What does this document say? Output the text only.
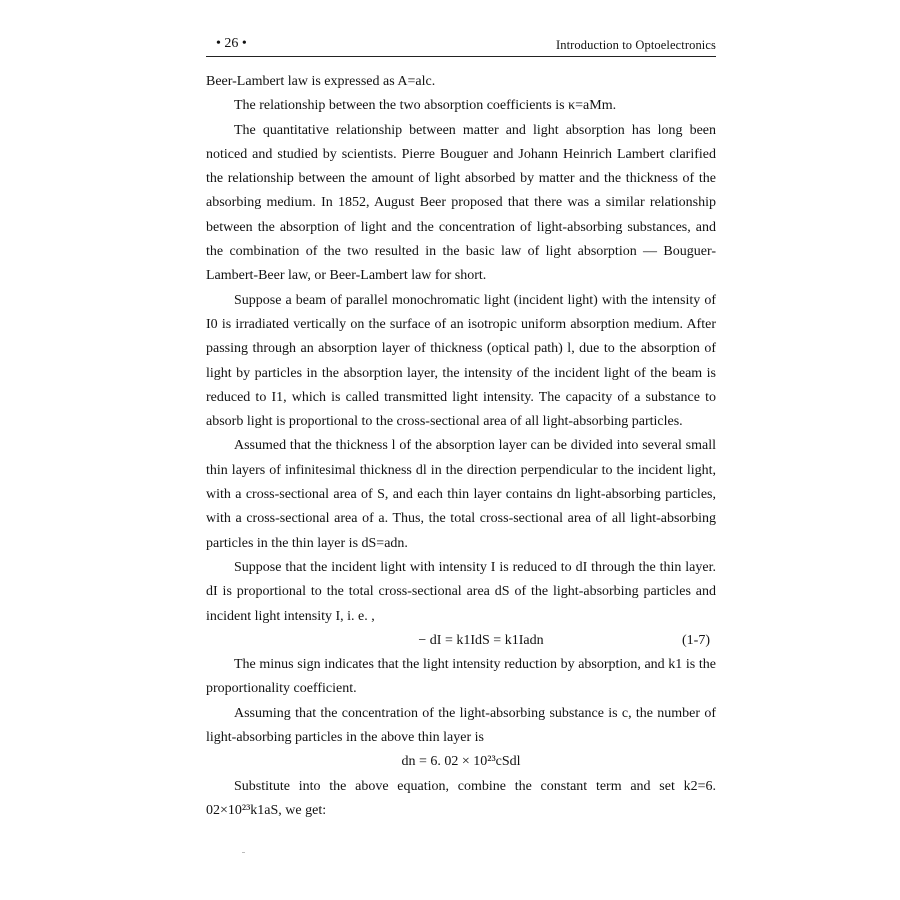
• 26 •	Introduction to Optoelectronics

Beer-Lambert law is expressed as A=alc.

The relationship between the two absorption coefficients is κ=aMm.

The quantitative relationship between matter and light absorption has long been noticed and studied by scientists. Pierre Bouguer and Johann Heinrich Lambert clarified the relationship between the amount of light absorbed by matter and the thickness of the absorbing medium. In 1852, August Beer proposed that there was a similar relationship between the absorption of light and the concentration of light-absorbing substances, and the combination of the two resulted in the basic law of light absorption — Bouguer-Lambert-Beer law, or Beer-Lambert law for short.

Suppose a beam of parallel monochromatic light (incident light) with the intensity of I0 is irradiated vertically on the surface of an isotropic uniform absorption medium. After passing through an absorption layer of thickness (optical path) l, due to the absorption of light by particles in the absorption layer, the intensity of the incident light of the beam is reduced to I1, which is called transmitted light intensity. The capacity of a substance to absorb light is proportional to the cross-sectional area of all light-absorbing particles.

Assumed that the thickness l of the absorption layer can be divided into several small thin layers of infinitesimal thickness dl in the direction perpendicular to the incident light, with a cross-sectional area of S, and each thin layer contains dn light-absorbing particles, with a cross-sectional area of a. Thus, the total cross-sectional area of all light-absorbing particles in the thin layer is dS=adn.

Suppose that the incident light with intensity I is reduced to dI through the thin layer. dI is proportional to the total cross-sectional area dS of the light-absorbing particles and incident light intensity I, i. e. ,

− dI = k1IdS = k1Iadn	(1-7)

The minus sign indicates that the light intensity reduction by absorption, and k1 is the proportionality coefficient.

Assuming that the concentration of the light-absorbing substance is c, the number of light-absorbing particles in the above thin layer is

dn = 6. 02 × 10²³cSdl

Substitute into the above equation, combine the constant term and set k2=6. 02×10²³k1aS, we get:
